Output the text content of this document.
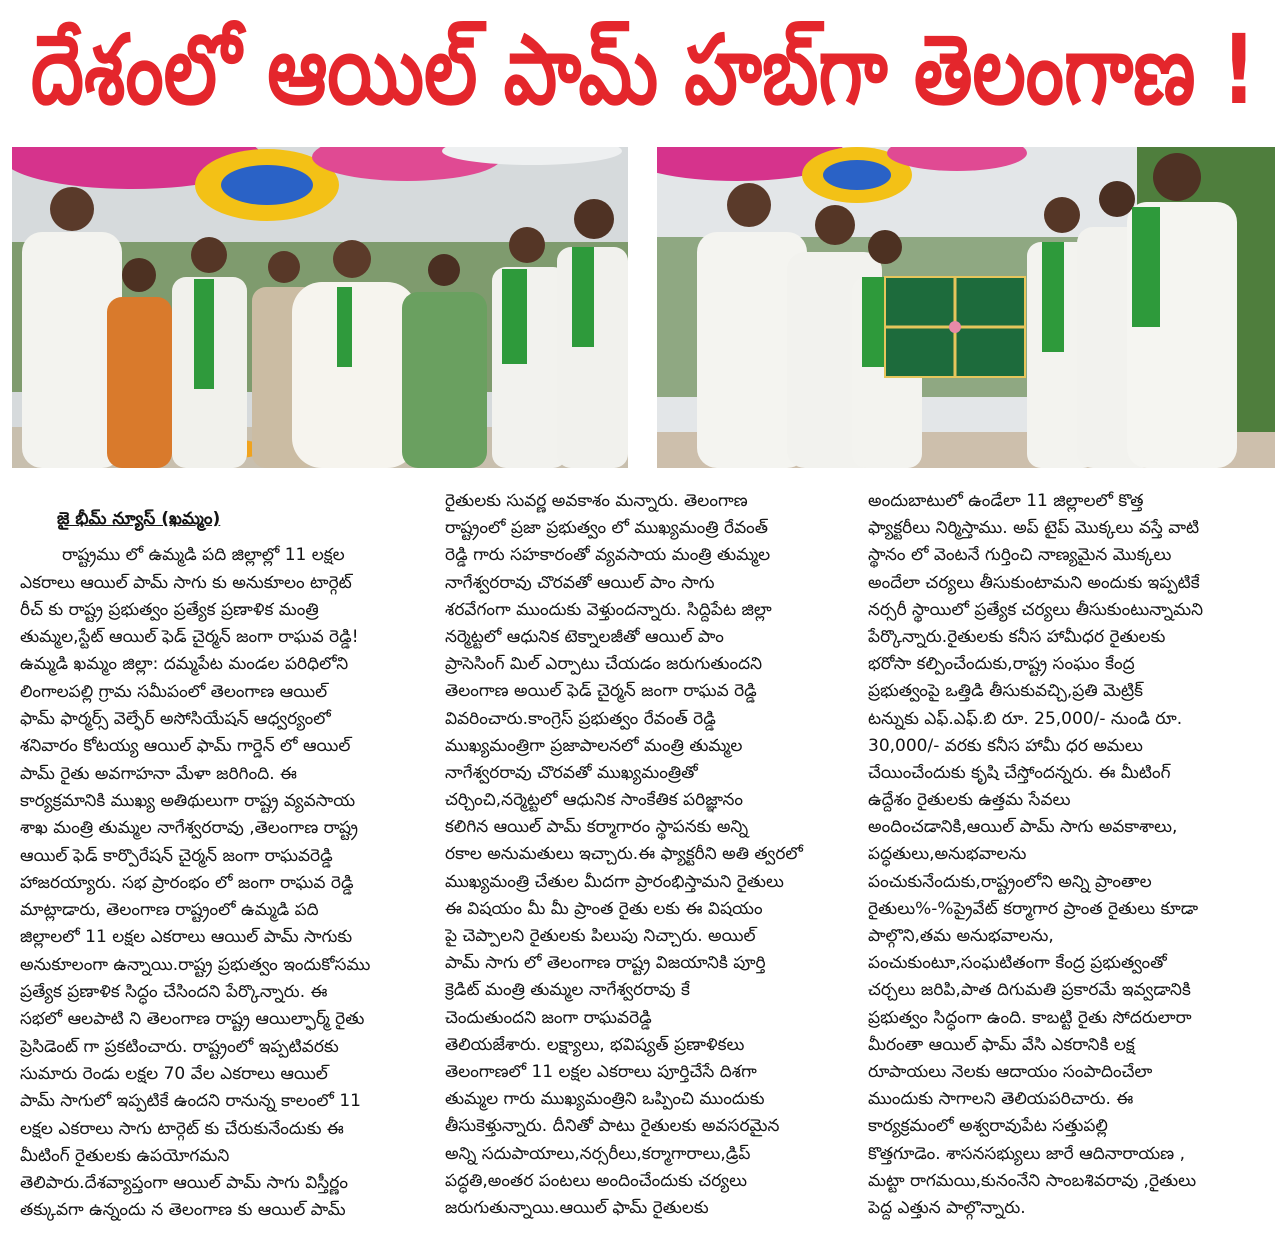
దేశంలో ఆయిల్ పామ్ హబ్‌గా తెలంగాణ !
జై భీమ్ న్యూస్ (ఖమ్మం)
రాష్ట్రము లో ఉమ్మడి పది జిల్లాల్లో 11 లక్షల
ఎకరాలు ఆయిల్ పామ్ సాగు కు అనుకూలం టార్గెట్
రీచ్ కు రాష్ట్ర ప్రభుత్వం ప్రత్యేక ప్రణాళిక మంత్రి
తుమ్మల,స్టేట్ ఆయిల్ ఫెడ్ చైర్మన్ జంగా రాఘవ రెడ్డి!
ఉమ్మడి ఖమ్మం జిల్లా: దమ్మపేట మండల పరిధిలోని
లింగాలపల్లి గ్రామ సమీపంలో తెలంగాణ ఆయిల్
ఫామ్ ఫార్మర్స్ వెల్ఫేర్ అసోసియేషన్ ఆధ్వర్యంలో
శనివారం కోటయ్య ఆయిల్ ఫామ్ గార్డెన్ లో ఆయిల్
పామ్ రైతు అవగాహనా మేళా జరిగింది. ఈ
కార్యక్రమానికి ముఖ్య అతిథులుగా రాష్ట్ర వ్యవసాయ
శాఖ మంత్రి తుమ్మల నాగేశ్వరరావు ,తెలంగాణ రాష్ట్ర
ఆయిల్ ఫెడ్ కార్పొరేషన్ చైర్మన్ జంగా రాఘవరెడ్డి
హాజరయ్యారు. సభ ప్రారంభం లో జంగా రాఘవ రెడ్డి
మాట్లాడారు, తెలంగాణ రాష్ట్రంలో ఉమ్మడి పది
జిల్లాలలో 11 లక్షల ఎకరాలు ఆయిల్ పామ్ సాగుకు
అనుకూలంగా ఉన్నాయి.రాష్ట్ర ప్రభుత్వం ఇందుకోసము
ప్రత్యేక ప్రణాళిక సిద్ధం చేసిందని పేర్కొన్నారు. ఈ
సభలో ఆలపాటి ని తెలంగాణ రాష్ట్ర ఆయిల్ఫార్మ్ రైతు
ప్రెసిడెంట్ గా ప్రకటించారు. రాష్ట్రంలో ఇప్పటివరకు
సుమారు రెండు లక్షల 70 వేల ఎకరాలు ఆయిల్
పామ్ సాగులో ఇప్పటికే ఉందని రానున్న కాలంలో 11
లక్షల ఎకరాలు సాగు టార్గెట్ కు చేరుకునేందుకు ఈ
మీటింగ్ రైతులకు ఉపయోగమని
తెలిపారు.దేశవ్యాప్తంగా ఆయిల్ పామ్ సాగు విస్తీర్ణం
తక్కువగా ఉన్నందు న తెలంగాణ కు ఆయిల్ పామ్
రైతులకు సువర్ణ అవకాశం మన్నారు. తెలంగాణ
రాష్ట్రంలో ప్రజా ప్రభుత్వం లో ముఖ్యమంత్రి రేవంత్
రెడ్డి గారు సహకారంతో వ్యవసాయ మంత్రి తుమ్మల
నాగేశ్వరరావు చొరవతో ఆయిల్ పాం సాగు
శరవేగంగా ముందుకు వెళ్తుందన్నారు. సిద్దిపేట జిల్లా
నర్మెట్టలో ఆధునిక టెక్నాలజీతో ఆయిల్ పాం
ప్రాసెసింగ్ మిల్ ఎర్పాటు చేయడం జరుగుతుందని
తెలంగాణ అయిల్ ఫెడ్ చైర్మన్ జంగా రాఘవ రెడ్డి
వివరించారు.కాంగ్రెస్ ప్రభుత్వం రేవంత్ రెడ్డి
ముఖ్యమంత్రిగా ప్రజాపాలనలో మంత్రి తుమ్మల
నాగేశ్వరరావు చొరవతో ముఖ్యమంత్రితో
చర్చించి,నర్మెట్టలో ఆధునిక సాంకేతిక పరిజ్ఞానం
కలిగిన ఆయిల్ పామ్ కర్మాగారం స్థాపనకు అన్ని
రకాల అనుమతులు ఇచ్చారు.ఈ ఫ్యాక్టరీని అతి త్వరలో
ముఖ్యమంత్రి చేతుల మీదగా ప్రారంభిస్తామని రైతులు
ఈ విషయం మీ మీ ప్రాంత రైతు లకు ఈ విషయం
పై చెప్పాలని రైతులకు పిలుపు నిచ్చారు. అయిల్
పామ్ సాగు లో తెలంగాణ రాష్ట్ర విజయానికి పూర్తి
క్రెడిట్ మంత్రి తుమ్మల నాగేశ్వరరావు కే
చెందుతుందని జంగా రాఘవరెడ్డి
తెలియజేశారు. లక్ష్యాలు, భవిష్యత్ ప్రణాళికలు
తెలంగాణలో 11 లక్షల ఎకరాలు పూర్తిచేసే దిశగా
తుమ్మల గారు ముఖ్యమంత్రిని ఒప్పించి ముందుకు
తీసుకెళ్తున్నారు. దీనితో పాటు రైతులకు అవసరమైన
అన్ని సదుపాయాలు,నర్సరీలు,కర్మాగారాలు,డ్రిప్
పద్ధతి,అంతర పంటలు అందించేందుకు చర్యలు
జరుగుతున్నాయి.ఆయిల్ ఫామ్ రైతులకు
అందుబాటులో ఉండేలా 11 జిల్లాలలో కొత్త
ఫ్యాక్టరీలు నిర్మిస్తాము. అప్ టైప్ మొక్కలు వస్తే వాటి
స్థానం లో వెంటనే గుర్తించి నాణ్యమైన మొక్కలు
అందేలా చర్యలు తీసుకుంటామని అందుకు ఇప్పటికే
నర్సరీ స్థాయిలో ప్రత్యేక చర్యలు తీసుకుంటున్నామని
పేర్కొన్నారు.రైతులకు కనీస హామీధర రైతులకు
భరోసా కల్పించేందుకు,రాష్ట్ర సంఘం కేంద్ర
ప్రభుత్వంపై ఒత్తిడి తీసుకువచ్చి,ప్రతి మెట్రిక్
టన్నుకు ఎఫ్.ఎఫ్.బి రూ. 25,000/- నుండి రూ.
30,000/- వరకు కనీస హామీ ధర అమలు
చేయించేందుకు కృషి చేస్తోందన్నరు. ఈ మీటింగ్
ఉద్దేశం రైతులకు ఉత్తమ సేవలు
అందించడానికి,ఆయిల్ పామ్ సాగు అవకాశాలు,
పద్ధతులు,అనుభవాలను
పంచుకునేందుకు,రాష్ట్రంలోని అన్ని ప్రాంతాల
రైతులు%-%ప్రైవేట్ కర్మాగార ప్రాంత రైతులు కూడా
పాల్గొని,తమ అనుభవాలను,
పంచుకుంటూ,సంఘటితంగా కేంద్ర ప్రభుత్వంతో
చర్చలు జరిపి,పాత దిగుమతి ప్రకారమే ఇవ్వడానికి
ప్రభుత్వం సిద్ధంగా ఉంది. కాబట్టి రైతు సోదరులారా
మీరంతా ఆయిల్ ఫామ్ వేసి ఎకరానికి లక్ష
రూపాయలు నెలకు ఆదాయం సంపాదించేలా
ముందుకు సాగాలని తెలియపరిచారు. ఈ
కార్యక్రమంలో అశ్వరావుపేట సత్తుపల్లి
కొత్తగూడెం. శాసనసభ్యులు జారే ఆదినారాయణ ,
మట్టా రాగమయి,కునంనేని సాంబశివరావు ,రైతులు
పెద్ద ఎత్తున పాల్గొన్నారు.
